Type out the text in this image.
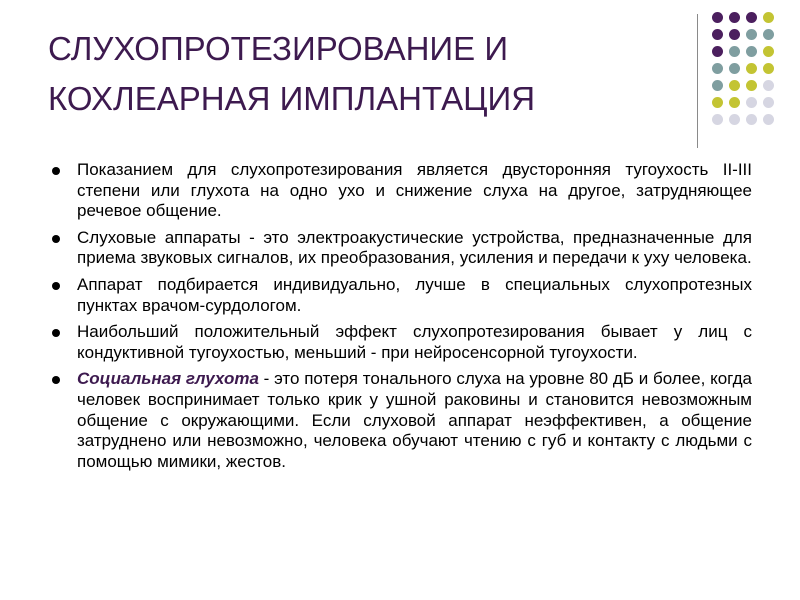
СЛУХОПРОТЕЗИРОВАНИЕ И
КОХЛЕАРНАЯ ИМПЛАНТАЦИЯ
Показанием для слухопротезирования является двусторонняя тугоухость II-III степени или глухота на одно ухо и снижение слуха на другое, затрудняющее речевое общение.
Слуховые аппараты - это электроакустические устройства, предназначенные для приема звуковых сигналов, их преобразования, усиления и передачи к уху человека.
Аппарат подбирается индивидуально, лучше в специальных слухопротезных пунктах врачом-сурдологом.
Наибольший положительный эффект слухопротезирования бывает у лиц с кондуктивной тугоухостью, меньший - при нейросенсорной тугоухости.
Социальная глухота - это потеря тонального слуха на уровне 80 дБ и более, когда человек воспринимает только крик у ушной раковины и становится невозможным общение с окружающими. Если слуховой аппарат неэффективен, а общение затруднено или невозможно, человека обучают чтению с губ и контакту с людьми с помощью мимики, жестов.
